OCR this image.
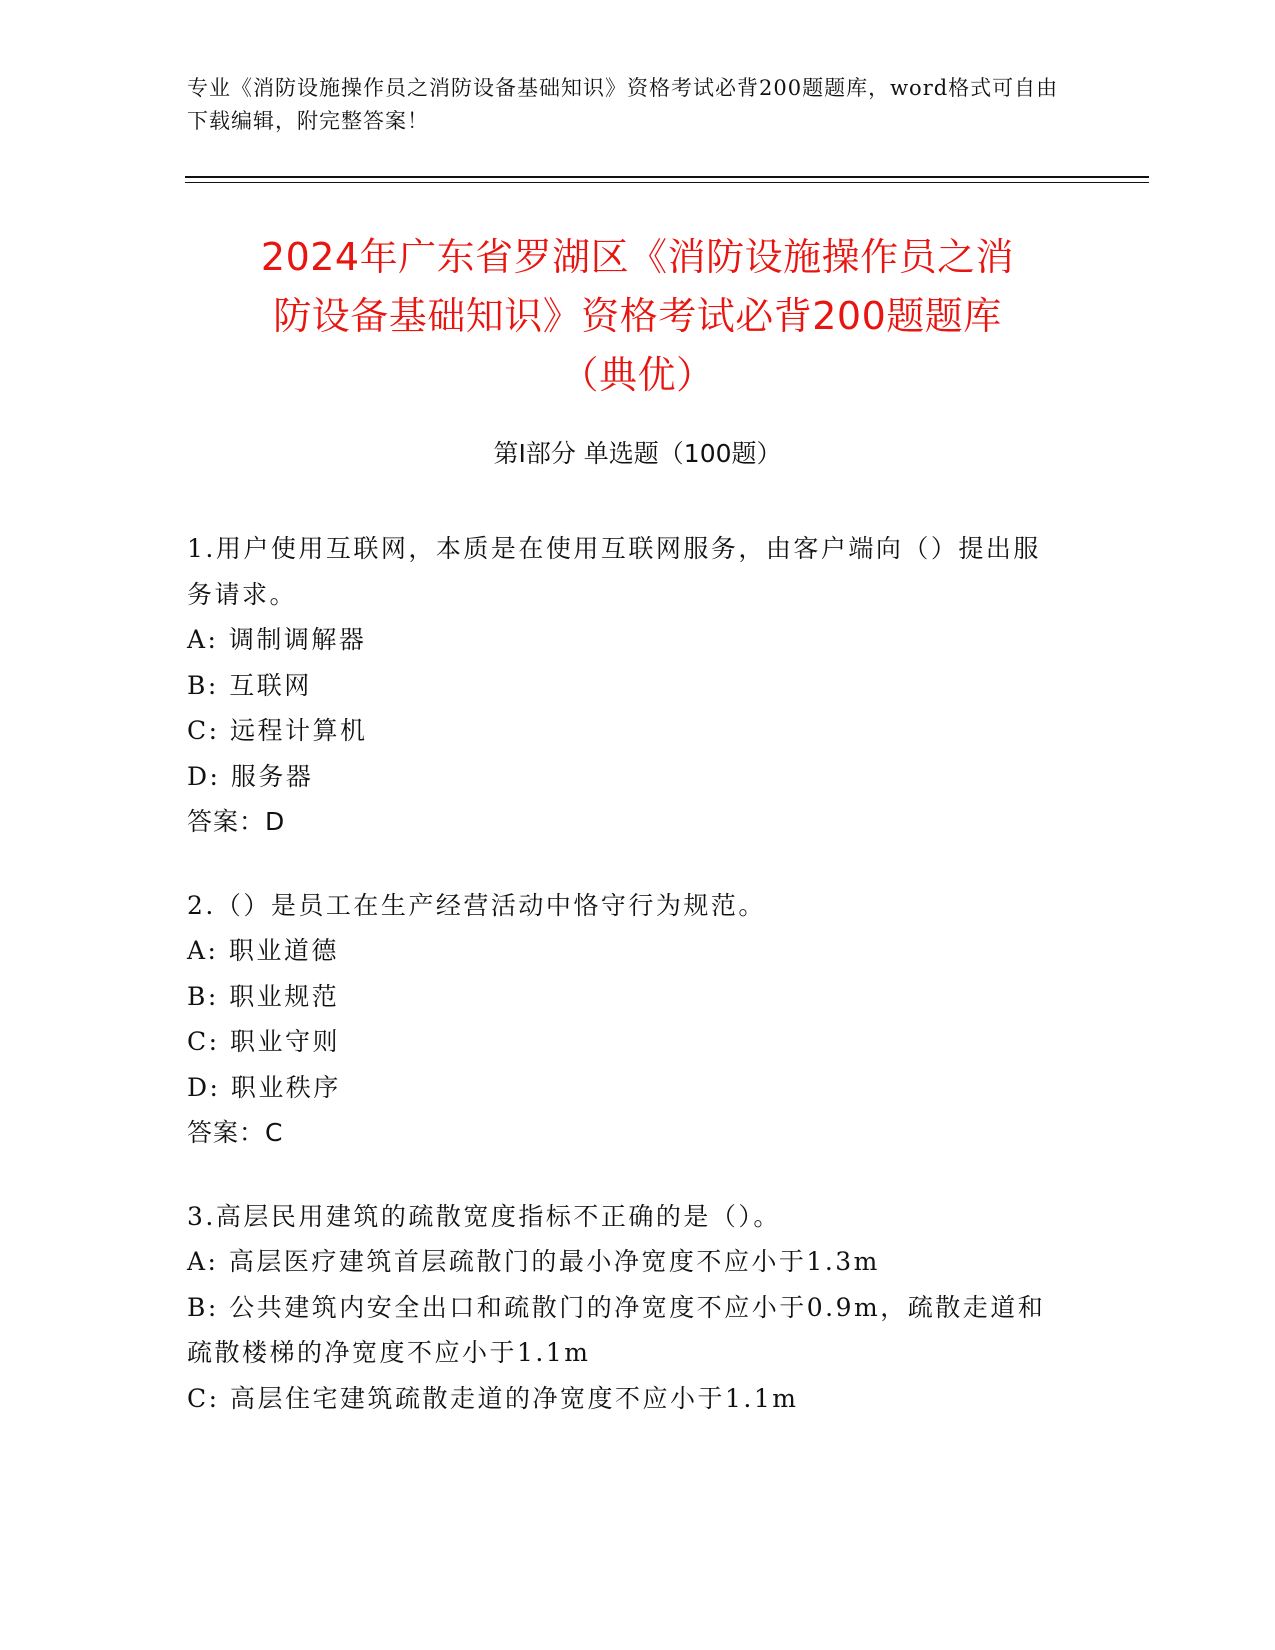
专业《消防设施操作员之消防设备基础知识》资格考试必背200题题库，word格式可自由下载编辑，附完整答案！
2024年广东省罗湖区《消防设施操作员之消
防设备基础知识》资格考试必背200题题库
（典优）
第Ⅰ部分 单选题（100题）
1.用户使用互联网，本质是在使用互联网服务，由客户端向（）提出服务请求。
A: 调制调解器
B: 互联网
C: 远程计算机
D: 服务器
答案：D
2.（）是员工在生产经营活动中恪守行为规范。
A: 职业道德
B: 职业规范
C: 职业守则
D: 职业秩序
答案：C
3.高层民用建筑的疏散宽度指标不正确的是（）。
A: 高层医疗建筑首层疏散门的最小净宽度不应小于1.3m
B: 公共建筑内安全出口和疏散门的净宽度不应小于0.9m，疏散走道和疏散楼梯的净宽度不应小于1.1m
C: 高层住宅建筑疏散走道的净宽度不应小于1.1m
